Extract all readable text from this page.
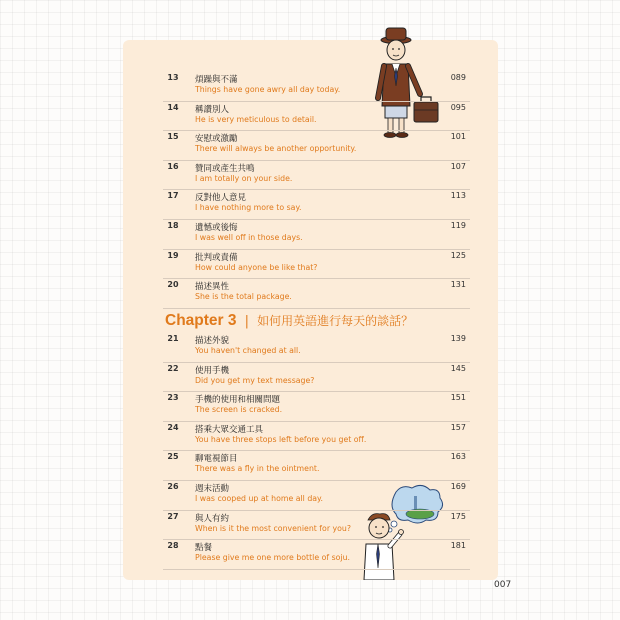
13	煩躁與不滿
Things have gone awry all day today.
089
14	稱讚別人
He is very meticulous to detail.
095
15	安慰或激勵
There will always be another opportunity.
101
16	贊同或產生共鳴
I am totally on your side.
107
17	反對他人意見
I have nothing more to say.
113
18	遺憾或後悔
I was well off in those days.
119
19	批判或責備
How could anyone be like that?
125
20	描述異性
She is the total package.
131
Chapter 3 | 如何用英語進行每天的談話？
21	描述外貌
You haven't changed at all.
139
22	使用手機
Did you get my text message?
145
23	手機的使用和相關問題
The screen is cracked.
151
24	搭乘大眾交通工具
You have three stops left before you get off.
157
25	聊電視節目
There was a fly in the ointment.
163
26	週末活動
I was cooped up at home all day.
169
27	與人有約
When is it the most convenient for you?
175
28	點餐
Please give me one more bottle of soju.
181
007
